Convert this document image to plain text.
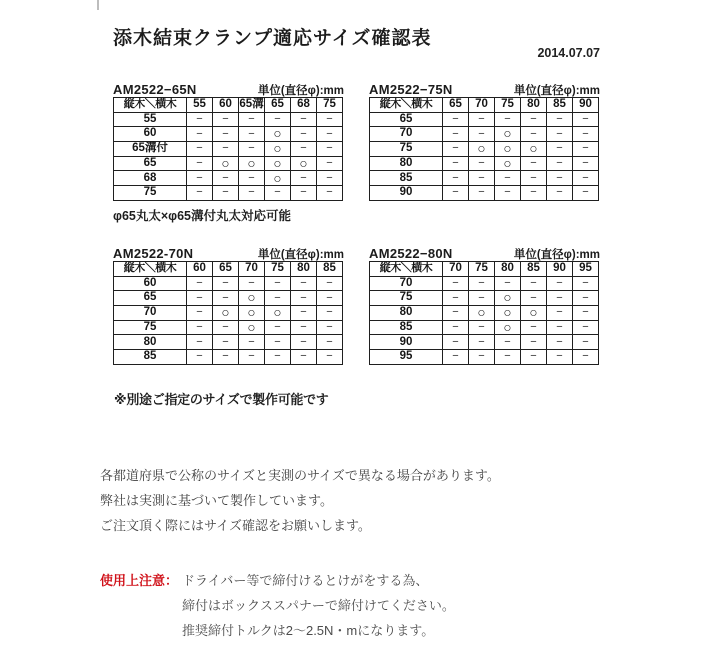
添木結束クランプ適応サイズ確認表
2014.07.07
AM2522−65N	単位(直径φ):mm
縦木＼横木	55	60	65溝	65	68	75
55	−	−	−	−	−	−
60	−	−	−	○	−	−
65溝付	−	−	−	○	−	−
65	−	○	○	○	○	−
68	−	−	−	○	−	−
75	−	−	−	−	−	−
φ65丸太×φ65溝付丸太対応可能
AM2522−75N	単位(直径φ):mm
縦木＼横木	65	70	75	80	85	90
65	−	−	−	−	−	−
70	−	−	○	−	−	−
75	−	○	○	○	−	−
80	−	−	○	−	−	−
85	−	−	−	−	−	−
90	−	−	−	−	−	−
AM2522-70N	単位(直径φ):mm
縦木＼横木	60	65	70	75	80	85
60	−	−	−	−	−	−
65	−	−	○	−	−	−
70	−	○	○	○	−	−
75	−	−	○	−	−	−
80	−	−	−	−	−	−
85	−	−	−	−	−	−
AM2522−80N	単位(直径φ):mm
縦木＼横木	70	75	80	85	90	95
70	−	−	−	−	−	−
75	−	−	○	−	−	−
80	−	○	○	○	−	−
85	−	−	○	−	−	−
90	−	−	−	−	−	−
95	−	−	−	−	−	−
※別途ご指定のサイズで製作可能です
各都道府県で公称のサイズと実測のサイズで異なる場合があります。
弊社は実測に基づいて製作しています。
ご注文頂く際にはサイズ確認をお願いします。
使用上注意： ドライバー等で締付けるとけがをする為、
締付はボックススパナーで締付けてください。
推奨締付トルクは2〜2.5N・mになります。
